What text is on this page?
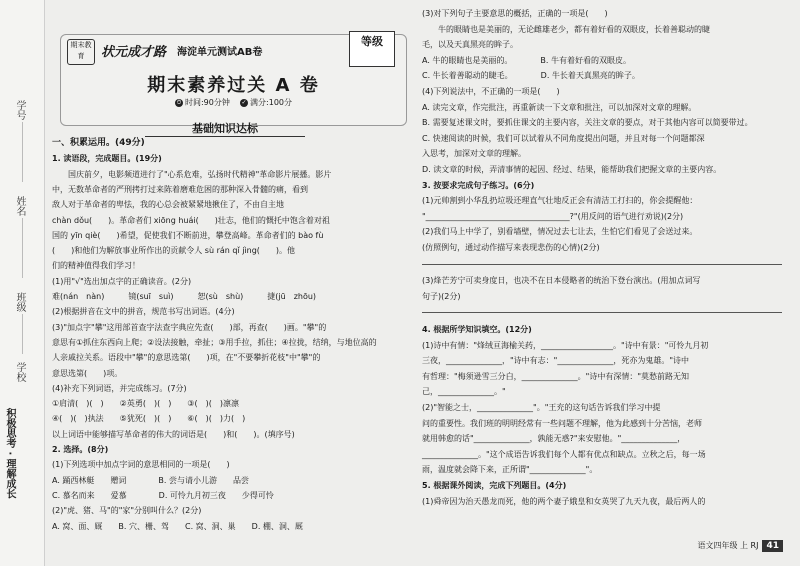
学号
姓名
班级
学校
积极思考 · 理解成长
期末教育	状元成才路 海淀单元测试AB卷
等级
期末素养过关 A 卷
⏱ 时间:90分钟 ✓ 满分:100分
基础知识达标
一、积累运用。(49分)
1. 读语段，完成题目。(19分)
　　国庆前夕，电影频道进行了"心系危难，弘扬时代精神"革命影片展播。影片
中，无数革命者的严刑拷打过来陈着磨难危困的那种深入骨髓的痛，看到
敌人对于革命者的卑怯，我的心总会被紧紧地揪住了，不由自主地
chàn dǒu(　　)。革命者们 xiōng huái(　　)壮志，他们的慨托中饱含着对祖
国的 yīn qiè(　　)希望，促使我们不断前进，攀登高峰。革命者们的 bào fù
(　　)和他们为解放事业所作出的贡献令人 sù rán qǐ jìng(　　)。他
们的精神值得我们学习！
(1)用"√"选出加点字的正确读音。(2分)
难(nán　nàn)　　　镜(suī　suì)　　　恕(sù　shù)　　　捷(jū　zhōu)
(2)根据拼音在文中的拼音，规范书写出词语。(4分)
(3)"加点字"攀"这用部首查字法查字典应先查(　　)部，再查(　　)画。"攀"的
意思有①抓住东西向上爬；②设法接触，牵扯；③用手拉，抓住；④拉拢，结纳，与地位高的
人亲戚拉关系。语段中"攀"的意思选第(　　)项，在"不要攀折花枝"中"攀"的
意思选第(　　)项。
(4)补充下列词语，并完成练习。(7分)
①肩清(　)(　)　　②英勇(　)(　)　　③(　)(　)凛凛
④(　)(　)执法　　⑤犹死(　)(　)　　⑥(　)(　)力(　)
以上词语中能够描写革命者的伟大的词语是(　　)和(　　)。(填序号)
2. 选择。(8分)
(1)下列选项中加点字词的意思相同的一项是(　　)
A. 踊西林艇　　赠词　　　　B. 尝与请小儿游　　品尝
C. 慕名而来　　爱慕　　　　D. 可怜九月初三夜　　少得可怜
(2)"虎、猪、马"的"家"分别叫什么？(2分)
A. 窝、面、厩　　B. 穴、栅、驾　　C. 窝、洞、巢　　D. 棚、洞、厩
(3)对下列句子主要意思的概括，正确的一项是(　　)
　　牛的眼睛也是美丽的，无论雌雄老少，都有着好看的双眼皮，长着善聪动的睫
毛，以及天真黑亮的眸子。
A. 牛的眼睛也是美丽的。　　　　B. 牛有着好看的双眼皮。
C. 牛长着善聪动的睫毛。　　　　D. 牛长着天真黑亮的眸子。
(4)下列说法中，不正确的一项是(　　)
A. 读完文章，作完批注，再重新读一下文章和批注，可以加深对文章的理解。
B. 需要复述课文时，要抓住课文的主要内容，关注文章的要点，对于其他内容可以简要带过。
C. 快速阅读的时候，我们可以试着从不同角度提出问题，并且对每一个问题都深
入思考，加深对文章的理解。
D. 读文章的时候，弄清事情的起因、经过、结果，能帮助我们把握文章的主要内容。
3. 按要求完成句子练习。(6分)
(1)元帅割到小华乱扔垃圾还理直气壮地反正会有清洁工打扫的，你会提醒他：
"____________________________________?"(用反问的语气进行劝说)(2分)
(2)我们马上中学了，别看墙壁，情况过去七让去，生怕它们看见了会送过来。
(仿照例句，通过动作描写来表现悲伤的心情)(2分)
(3)烽芒芳宁可卖身度日，也决不在日本侵略者的统治下登台演出。(用加点词写
句子)(2分)
4. 根据所学知识填空。(12分)
(1)诗中有情："烽绒亘海榆关药，__________________。"诗中有景："可怜九月初
三夜，______________，"诗中有志："______________，死亦为鬼雄。"诗中
有哲理："梅须逊雪三分白，______________。"诗中有深情："莫愁前路无知
己，______________。"
(2)"智能之士，______________"。"王充的这句话告诉我们学习中提
问的重要性。我们班的明明经常有一些问题不理解，他为此感到十分苦恼，老师
就用韩愈的话"______________，孰能无惑?"来安慰他。"______________，
______________。"这个成语告诉我们每个人都有优点和缺点。立秋之后，每一场
雨，温度就会降下来，正所谓"______________"。
5. 根据课外阅读，完成下列题目。(4分)
(1)舜帝因为治天愚龙而死，他的两个妻子娥皇和女英哭了九天九夜，最后两人的
语文四年级 上 RJ 41
